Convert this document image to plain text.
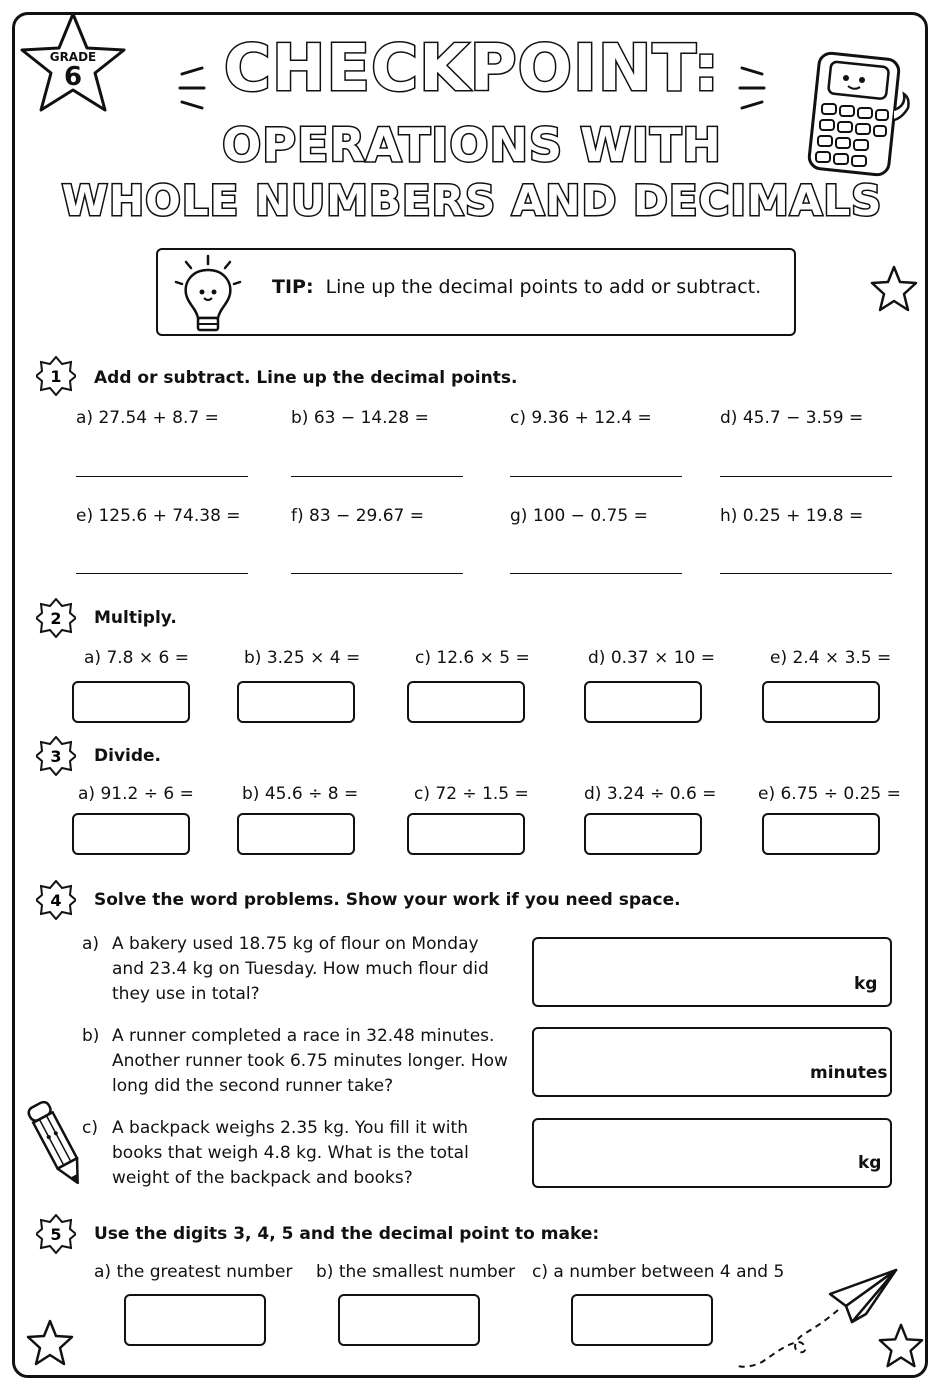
GRADE
6	CHECKPOINT:
OPERATIONS WITH
WHOLE NUMBERS AND DECIMALS
TIP: Line up the decimal points to add or subtract.
1 Add or subtract. Line up the decimal points.
a) 27.54 + 8.7 =	b) 63 − 14.28 =	c) 9.36 + 12.4 =	d) 45.7 − 3.59 =
e) 125.6 + 74.38 =	f) 83 − 29.67 =	g) 100 − 0.75 =	h) 0.25 + 19.8 =
2 Multiply.
a) 7.8 × 6 =	b) 3.25 × 4 =	c) 12.6 × 5 =	d) 0.37 × 10 =	e) 2.4 × 3.5 =
3 Divide.
a) 91.2 ÷ 6 =	b) 45.6 ÷ 8 =	c) 72 ÷ 1.5 =	d) 3.24 ÷ 0.6 = e) 6.75 ÷ 0.25 =
4 Solve the word problems. Show your work if you need space.
a) A bakery used 18.75 kg of flour on Monday and 23.4 kg on Tuesday. How much flour did they use in total?	kg
b) A runner completed a race in 32.48 minutes. Another runner took 6.75 minutes longer. How long did the second runner take?
minutes
c) A backpack weighs 2.35 kg. You fill it with books that weigh 4.8 kg. What is the total weight of the backpack and books?
kg
5 Use the digits 3, 4, 5 and the decimal point to make:
a) the greatest number b) the smallest number c) a number between 4 and 5
